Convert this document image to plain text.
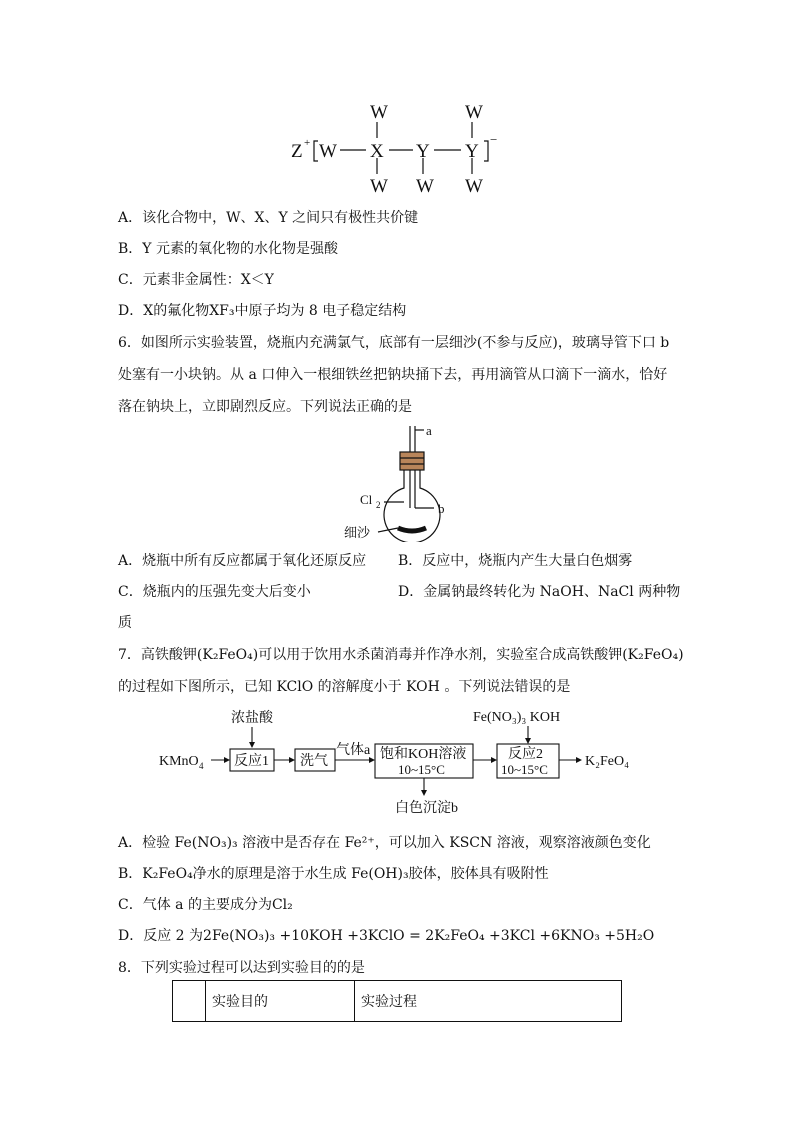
Z + W X Y Y
W	W
W W W
−
A．该化合物中，W、X、Y 之间只有极性共价键
B．Y 元素的氧化物的水化物是强酸
C．元素非金属性：X＜Y
D．X的氟化物XF₃中原子均为 8 电子稳定结构
6．如图所示实验装置，烧瓶内充满氯气，底部有一层细沙(不参与反应)，玻璃导管下口 b
处塞有一小块钠。从 a 口伸入一根细铁丝把钠块捅下去，再用滴管从口滴下一滴水，恰好
落在钠块上，立即剧烈反应。下列说法正确的是
a
b
Cl 2
细沙
A．烧瓶中所有反应都属于氧化还原反应 B．反应中，烧瓶内产生大量白色烟雾
C．烧瓶内的压强先变大后变小	D．金属钠最终转化为 NaOH、NaCl 两种物
质
7．高铁酸钾(K₂FeO₄)可以用于饮用水杀菌消毒并作净水剂，实验室合成高铁酸钾(K₂FeO₄)
的过程如下图所示，已知 KClO 的溶解度小于 KOH 。下列说法错误的是
KMnO 4
浓盐酸
反应1 洗气
气体a 饱和KOH溶液
10~15°C
白色沉淀b
Fe(NO₃)₃ KOH
反应2
10~15°C
K₂FeO₄
A．检验 Fe(NO₃)₃ 溶液中是否存在 Fe²⁺，可以加入 KSCN 溶液，观察溶液颜色变化
B．K₂FeO₄净水的原理是溶于水生成 Fe(OH)₃胶体，胶体具有吸附性
C．气体 a 的主要成分为Cl₂
D．反应 2 为2Fe(NO₃)₃ +10KOH +3KClO = 2K₂FeO₄ +3KCl +6KNO₃ +5H₂O
8．下列实验过程可以达到实验目的的是
	实验目的	实验过程
